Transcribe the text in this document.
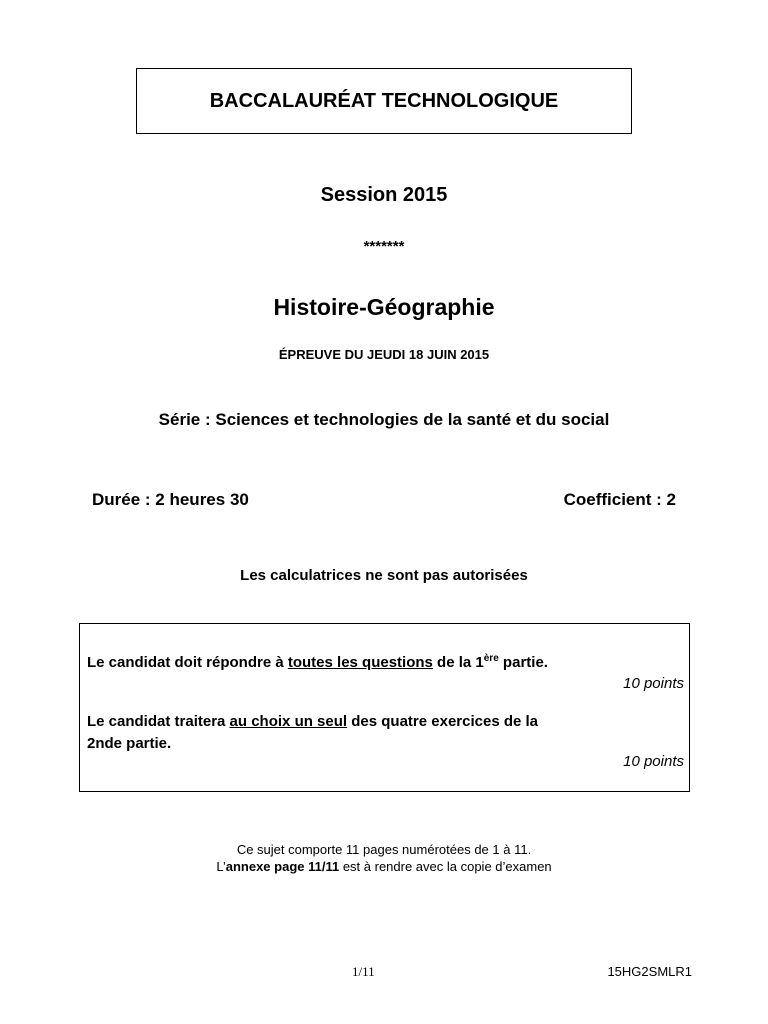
BACCALAURÉAT TECHNOLOGIQUE
Session 2015
*******
Histoire-Géographie
ÉPREUVE DU JEUDI 18 JUIN 2015
Série : Sciences et technologies de la santé et du social
Durée : 2 heures 30	Coefficient : 2
Les calculatrices ne sont pas autorisées
Le candidat doit répondre à toutes les questions de la 1ère partie.
10 points
Le candidat traitera au choix un seul des quatre exercices de la
2nde partie.
10 points
Ce sujet comporte 11 pages numérotées de 1 à 11.
L’annexe page 11/11 est à rendre avec la copie d’examen
1/11	15HG2SMLR1
